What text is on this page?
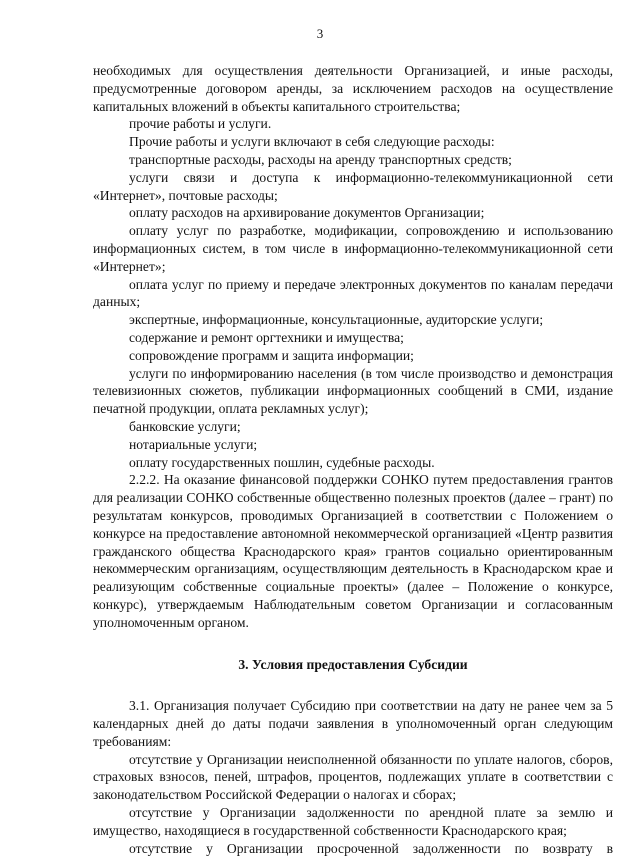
3

необходимых для осуществления деятельности Организацией, и иные расходы, предусмотренные договором аренды, за исключением расходов на осуществление капитальных вложений в объекты капитального строительства;

прочие работы и услуги.

Прочие работы и услуги включают в себя следующие расходы:

транспортные расходы, расходы на аренду транспортных средств;

услуги связи и доступа к информационно-телекоммуникационной сети «Интернет», почтовые расходы;

оплату расходов на архивирование документов Организации;

оплату услуг по разработке, модификации, сопровождению и использованию информационных систем, в том числе в информационно-телекоммуникационной сети «Интернет»;

оплата услуг по приему и передаче электронных документов по каналам передачи данных;

экспертные, информационные, консультационные, аудиторские услуги;

содержание и ремонт оргтехники и имущества;

сопровождение программ и защита информации;

услуги по информированию населения (в том числе производство и демонстрация телевизионных сюжетов, публикации информационных сообщений в СМИ, издание печатной продукции, оплата рекламных услуг);

банковские услуги;

нотариальные услуги;

оплату государственных пошлин, судебные расходы.

2.2.2. На оказание финансовой поддержки СОНКО путем предоставления грантов для реализации СОНКО собственные общественно полезных проектов (далее – грант) по результатам конкурсов, проводимых Организацией в соответствии с Положением о конкурсе на предоставление автономной некоммерческой организацией «Центр развития гражданского общества Краснодарского края» грантов социально ориентированным некоммерческим организациям, осуществляющим деятельность в Краснодарском крае и реализующим собственные социальные проекты» (далее – Положение о конкурсе, конкурс), утверждаемым Наблюдательным советом Организации и согласованным уполномоченным органом.

3. Условия предоставления Субсидии

3.1. Организация получает Субсидию при соответствии на дату не ранее чем за 5 календарных дней до даты подачи заявления в уполномоченный орган следующим требованиям:

отсутствие у Организации неисполненной обязанности по уплате налогов, сборов, страховых взносов, пеней, штрафов, процентов, подлежащих уплате в соответствии с законодательством Российской Федерации о налогах и сборах;

отсутствие у Организации задолженности по арендной плате за землю и имущество, находящиеся в государственной собственности Краснодарского края;

отсутствие у Организации просроченной задолженности по возврату в
